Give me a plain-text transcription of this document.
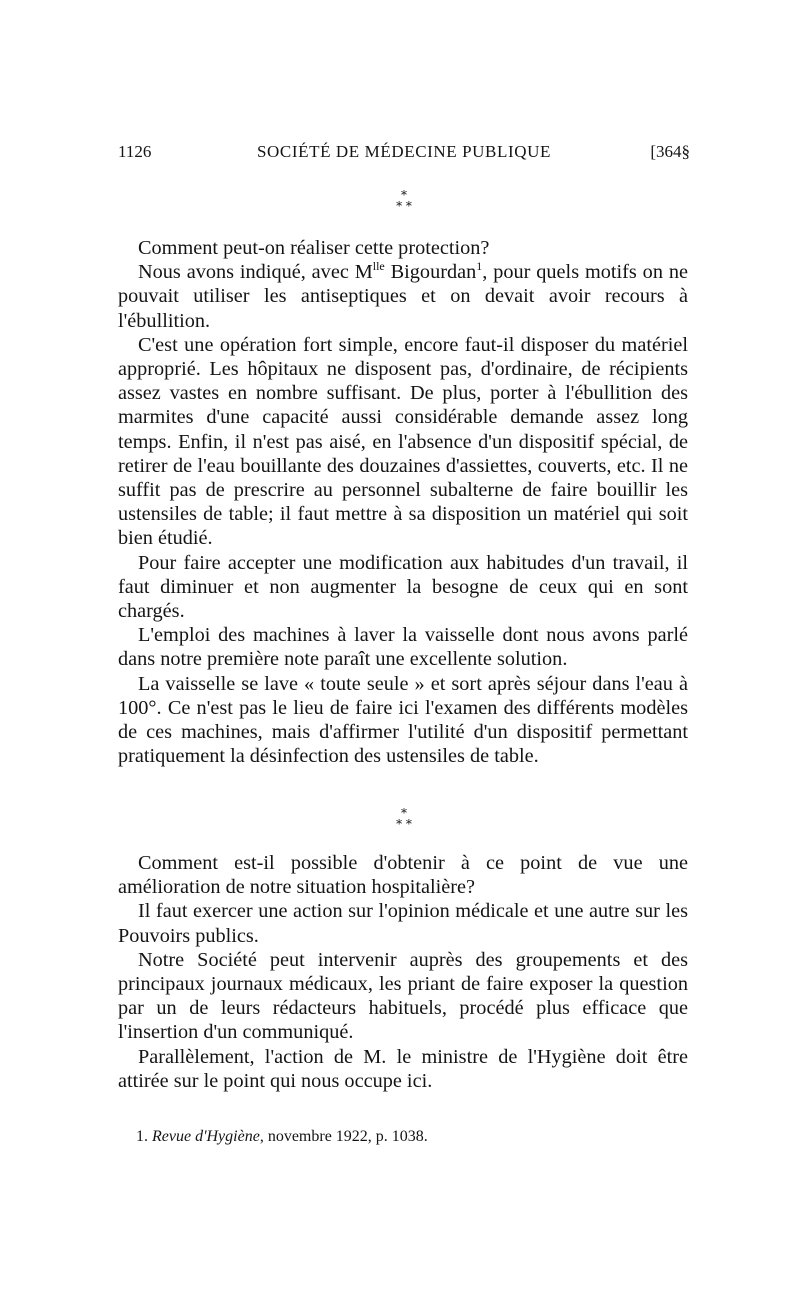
1126	SOCIÉTÉ DE MÉDECINE PUBLIQUE	[364§
*
* *

Comment peut-on réaliser cette protection?

Nous avons indiqué, avec $M^{lle}$ Bigourdan$^1$, pour quels motifs on ne pouvait utiliser les antiseptiques et on devait avoir recours à l'ébullition.

C'est une opération fort simple, encore faut-il disposer du matériel approprié. Les hôpitaux ne disposent pas, d'ordinaire, de récipients assez vastes en nombre suffisant. De plus, porter à l'ébullition des marmites d'une capacité aussi considérable demande assez long temps. Enfin, il n'est pas aisé, en l'absence d'un dispositif spécial, de retirer de l'eau bouillante des douzaines d'assiettes, couverts, etc. Il ne suffit pas de prescrire au personnel subalterne de faire bouillir les ustensiles de table; il faut mettre à sa disposition un matériel qui soit bien étudié.

Pour faire accepter une modification aux habitudes d'un travail, il faut diminuer et non augmenter la besogne de ceux qui en sont chargés.

L'emploi des machines à laver la vaisselle dont nous avons parlé dans notre première note paraît une excellente solution.

La vaisselle se lave « toute seule » et sort après séjour dans l'eau à 100°. Ce n'est pas le lieu de faire ici l'examen des différents modèles de ces machines, mais d'affirmer l'utilité d'un dispositif permettant pratiquement la désinfection des ustensiles de table.

*
* *

Comment est-il possible d'obtenir à ce point de vue une amélioration de notre situation hospitalière?

Il faut exercer une action sur l'opinion médicale et une autre sur les Pouvoirs publics.

Notre Société peut intervenir auprès des groupements et des principaux journaux médicaux, les priant de faire exposer la question par un de leurs rédacteurs habituels, procédé plus efficace que l'insertion d'un communiqué.

Parallèlement, l'action de M. le ministre de l'Hygiène doit être attirée sur le point qui nous occupe ici.

1. Revue d'Hygiène, novembre 1922, p. 1038.
